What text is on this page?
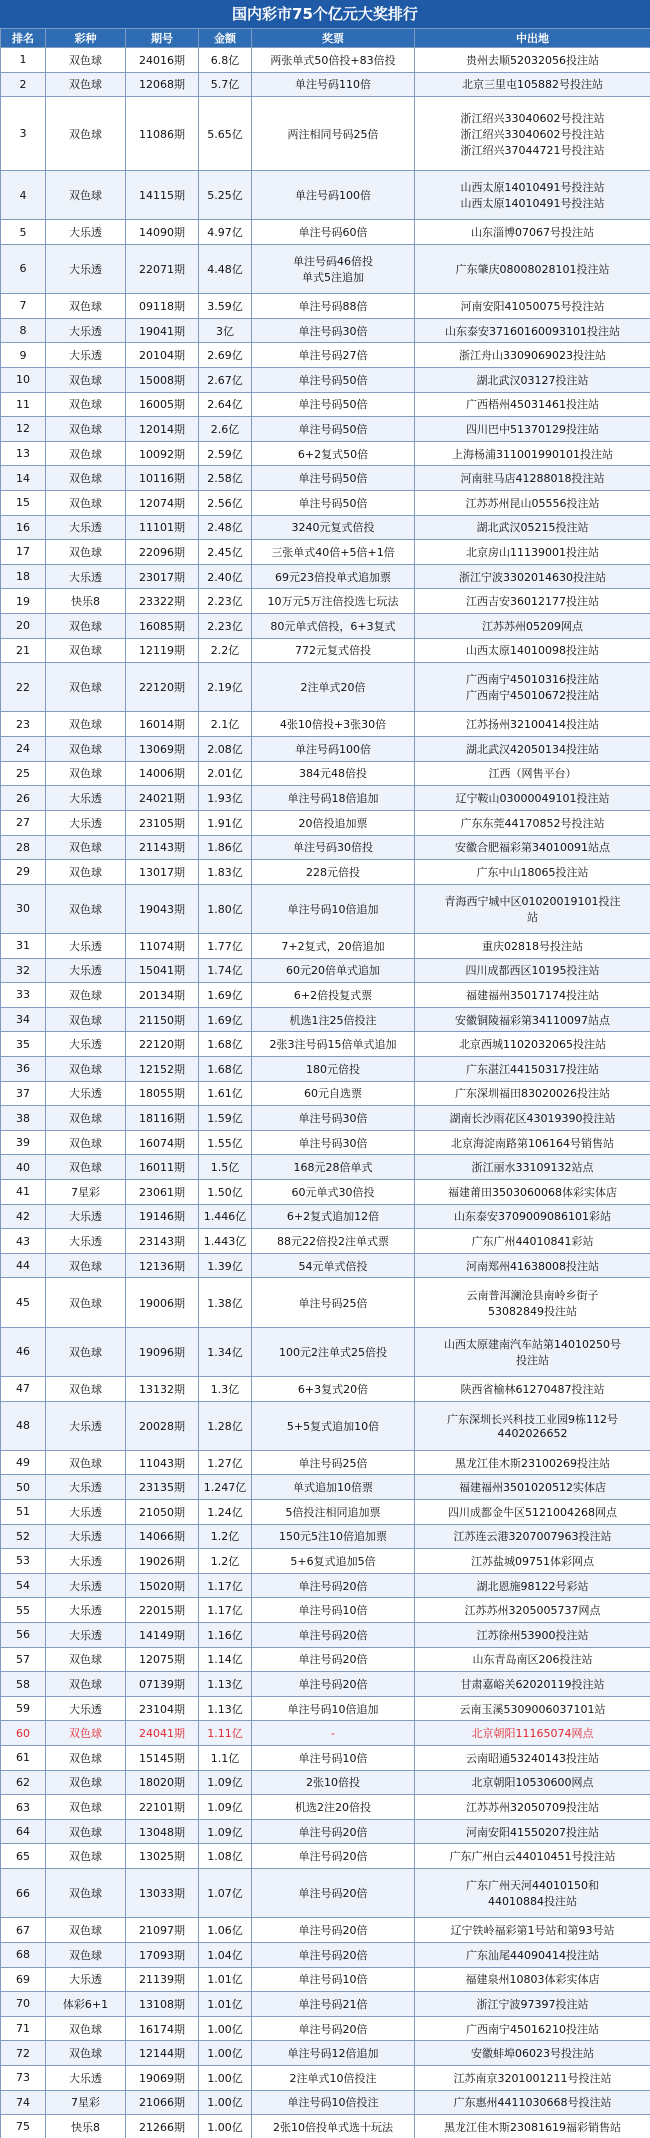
国内彩市75个亿元大奖排行
排名	彩种	期号	金额	奖票	中出地
1	双色球	24016期	6.8亿	两张单式50倍投+83倍投	贵州去顺52032056投注站

2	双色球	12068期	5.7亿	单注号码110倍	北京三里屯105882号投注站

3	双色球	11086期	5.65亿	两注相同号码25倍	浙江绍兴33040602号投注站
浙江绍兴33040602号投注站
浙江绍兴37044721号投注站

4	双色球	14115期	5.25亿	单注号码100倍	山西太原14010491号投注站
山西太原14010491号投注站

5	大乐透	14090期	4.97亿	单注号码60倍	山东淄博07067号投注站

6	大乐透	22071期	4.48亿	单注号码46倍投
单式5注追加	广东肇庆08008028101投注站

7	双色球	09118期	3.59亿	单注号码88倍	河南安阳41050075号投注站

8	大乐透	19041期	3亿	单注号码30倍	山东泰安37160160093101投注站

9	大乐透	20104期	2.69亿	单注号码27倍	浙江舟山3309069023投注站

10	双色球	15008期	2.67亿	单注号码50倍	湖北武汉03127投注站

11	双色球	16005期	2.64亿	单注号码50倍	广西梧州45031461投注站

12	双色球	12014期	2.6亿	单注号码50倍	四川巴中51370129投注站

13	双色球	10092期	2.59亿	6+2复式50倍	上海杨浦311001990101投注站

14	双色球	10116期	2.58亿	单注号码50倍	河南驻马店41288018投注站

15	双色球	12074期	2.56亿	单注号码50倍	江苏苏州昆山05556投注站

16	大乐透	11101期	2.48亿	3240元复式倍投	湖北武汉05215投注站

17	双色球	22096期	2.45亿	三张单式40倍+5倍+1倍	北京房山11139001投注站

18	大乐透	23017期	2.40亿	69元23倍投单式追加票	浙江宁波3302014630投注站

19	快乐8	23322期	2.23亿	10万元5万注倍投选七玩法	江西吉安36012177投注站

20	双色球	16085期	2.23亿	80元单式倍投，6+3复式	江苏苏州05209网点

21	双色球	12119期	2.2亿	772元复式倍投	山西太原14010098投注站

22	双色球	22120期	2.19亿	2注单式20倍	广西南宁45010316投注站
广西南宁45010672投注站

23	双色球	16014期	2.1亿	4张10倍投+3张30倍	江苏扬州32100414投注站

24	双色球	13069期	2.08亿	单注号码100倍	湖北武汉42050134投注站

25	双色球	14006期	2.01亿	384元48倍投	江西（网售平台）

26	大乐透	24021期	1.93亿	单注号码18倍追加	辽宁鞍山03000049101投注站

27	大乐透	23105期	1.91亿	20倍投追加票	广东东莞44170852号投注站

28	双色球	21143期	1.86亿	单注号码30倍投	安徽合肥福彩第34010091站点

29	双色球	13017期	1.83亿	228元倍投	广东中山18065投注站

30	双色球	19043期	1.80亿	单注号码10倍追加	青海西宁城中区01020019101投注
站

31	大乐透	11074期	1.77亿	7+2复式，20倍追加	重庆02818号投注站

32	大乐透	15041期	1.74亿	60元20倍单式追加	四川成都西区10195投注站

33	双色球	20134期	1.69亿	6+2倍投复式票	福建福州35017174投注站

34	双色球	21150期	1.69亿	机选1注25倍投注	安徽铜陵福彩第34110097站点

35	大乐透	22120期	1.68亿	2张3注号码15倍单式追加	北京西城1102032065投注站

36	双色球	12152期	1.68亿	180元倍投	广东湛江44150317投注站

37	大乐透	18055期	1.61亿	60元自选票	广东深圳福田83020026投注站

38	双色球	18116期	1.59亿	单注号码30倍	湖南长沙雨花区43019390投注站

39	双色球	16074期	1.55亿	单注号码30倍	北京海淀南路第106164号销售站

40	双色球	16011期	1.5亿	168元28倍单式	浙江丽水33109132站点

41	7星彩	23061期	1.50亿	60元单式30倍投	福建莆田3503060068体彩实体店

42	大乐透	19146期	1.446亿	6+2复式追加12倍	山东泰安3709009086101彩站

43	大乐透	23143期	1.443亿	88元22倍投2注单式票	广东广州44010841彩站

44	双色球	12136期	1.39亿	54元单式倍投	河南郑州41638008投注站

45	双色球	19006期	1.38亿	单注号码25倍	云南普洱澜沧县南岭乡街子
53082849投注站

46	双色球	19096期	1.34亿	100元2注单式25倍投	山西太原建南汽车站第14010250号
投注站

47	双色球	13132期	1.3亿	6+3复式20倍	陕西省榆林61270487投注站

48	大乐透	20028期	1.28亿	5+5复式追加10倍	广东深圳长兴科技工业园9栋112号
4402026652

49	双色球	11043期	1.27亿	单注号码25倍	黑龙江佳木斯23100269投注站

50	大乐透	23135期	1.247亿	单式追加10倍票	福建福州3501020512实体店

51	大乐透	21050期	1.24亿	5倍投注相同追加票	四川成都金牛区5121004268网点

52	大乐透	14066期	1.2亿	150元5注10倍追加票	江苏连云港3207007963投注站

53	大乐透	19026期	1.2亿	5+6复式追加5倍	江苏盐城09751体彩网点

54	大乐透	15020期	1.17亿	单注号码20倍	湖北恩施98122号彩站

55	大乐透	22015期	1.17亿	单注号码10倍	江苏苏州3205005737网点

56	大乐透	14149期	1.16亿	单注号码20倍	江苏徐州53900投注站

57	双色球	12075期	1.14亿	单注号码20倍	山东青岛南区206投注站

58	双色球	07139期	1.13亿	单注号码20倍	甘肃嘉峪关62020119投注站

59	大乐透	23104期	1.13亿	单注号码10倍追加	云南玉溪5309006037101站

60	双色球	24041期	1.11亿	-	北京朝阳11165074网点

61	双色球	15145期	1.1亿	单注号码10倍	云南昭通53240143投注站

62	双色球	18020期	1.09亿	2张10倍投	北京朝阳10530600网点

63	双色球	22101期	1.09亿	机选2注20倍投	江苏苏州32050709投注站

64	双色球	13048期	1.09亿	单注号码20倍	河南安阳41550207投注站

65	双色球	13025期	1.08亿	单注号码20倍	广东广州白云44010451号投注站

66	双色球	13033期	1.07亿	单注号码20倍	广东广州天河44010150和
44010884投注站

67	双色球	21097期	1.06亿	单注号码20倍	辽宁铁岭福彩第1号站和第93号站

68	双色球	17093期	1.04亿	单注号码20倍	广东汕尾44090414投注站

69	大乐透	21139期	1.01亿	单注号码10倍	福建泉州10803体彩实体店

70	体彩6+1	13108期	1.01亿	单注号码21倍	浙江宁波97397投注站

71	双色球	16174期	1.00亿	单注号码20倍	广西南宁45016210投注站

72	双色球	12144期	1.00亿	单注号码12倍追加	安徽蚌埠06023号投注站

73	大乐透	19069期	1.00亿	2注单式10倍投注	江苏南京3201001211号投注站

74	7星彩	21066期	1.00亿	单注号码10倍投注	广东惠州4411030668号投注站

75	快乐8	21266期	1.00亿	2张10倍投单式选十玩法	黑龙江佳木斯23081619福彩销售站
